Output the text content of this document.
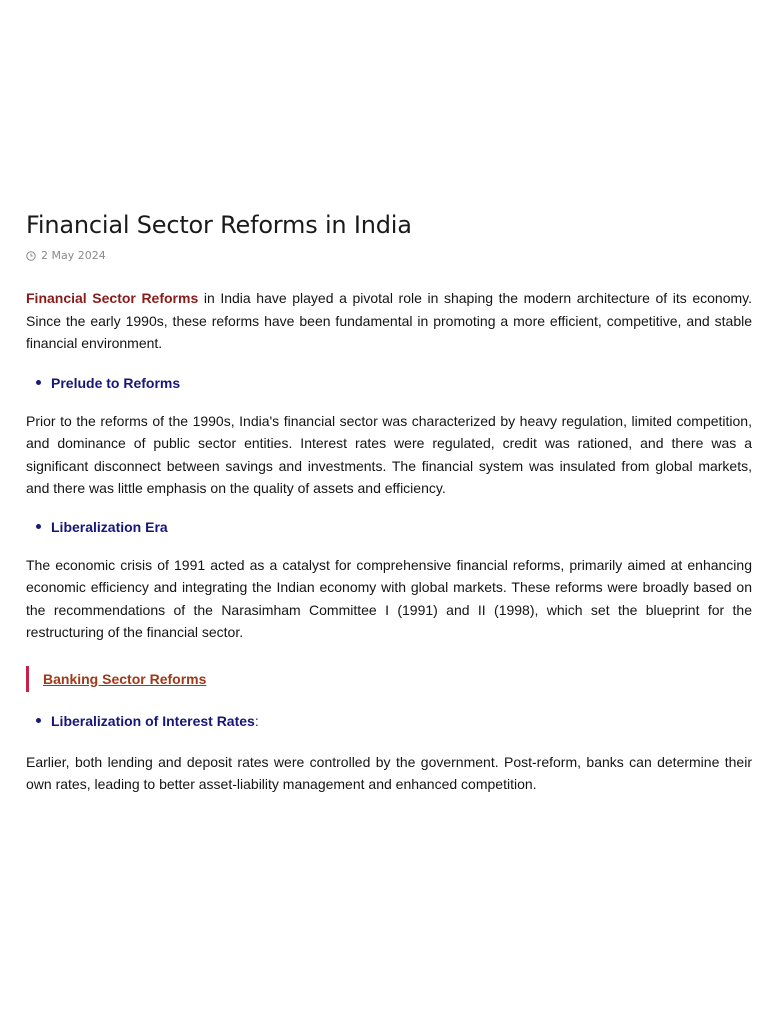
Financial Sector Reforms in India
2 May 2024

Financial Sector Reforms in India have played a pivotal role in shaping the modern architecture of its economy. Since the early 1990s, these reforms have been fundamental in promoting a more efficient, competitive, and stable financial environment.

Prelude to Reforms

Prior to the reforms of the 1990s, India's financial sector was characterized by heavy regulation, limited competition, and dominance of public sector entities. Interest rates were regulated, credit was rationed, and there was a significant disconnect between savings and investments. The financial system was insulated from global markets, and there was little emphasis on the quality of assets and efficiency.

Liberalization Era

The economic crisis of 1991 acted as a catalyst for comprehensive financial reforms, primarily aimed at enhancing economic efficiency and integrating the Indian economy with global markets. These reforms were broadly based on the recommendations of the Narasimham Committee I (1991) and II (1998), which set the blueprint for the restructuring of the financial sector.

Banking Sector Reforms
Liberalization of Interest Rates :

Earlier, both lending and deposit rates were controlled by the government. Post-reform, banks can determine their own rates, leading to better asset-liability management and enhanced competition.
